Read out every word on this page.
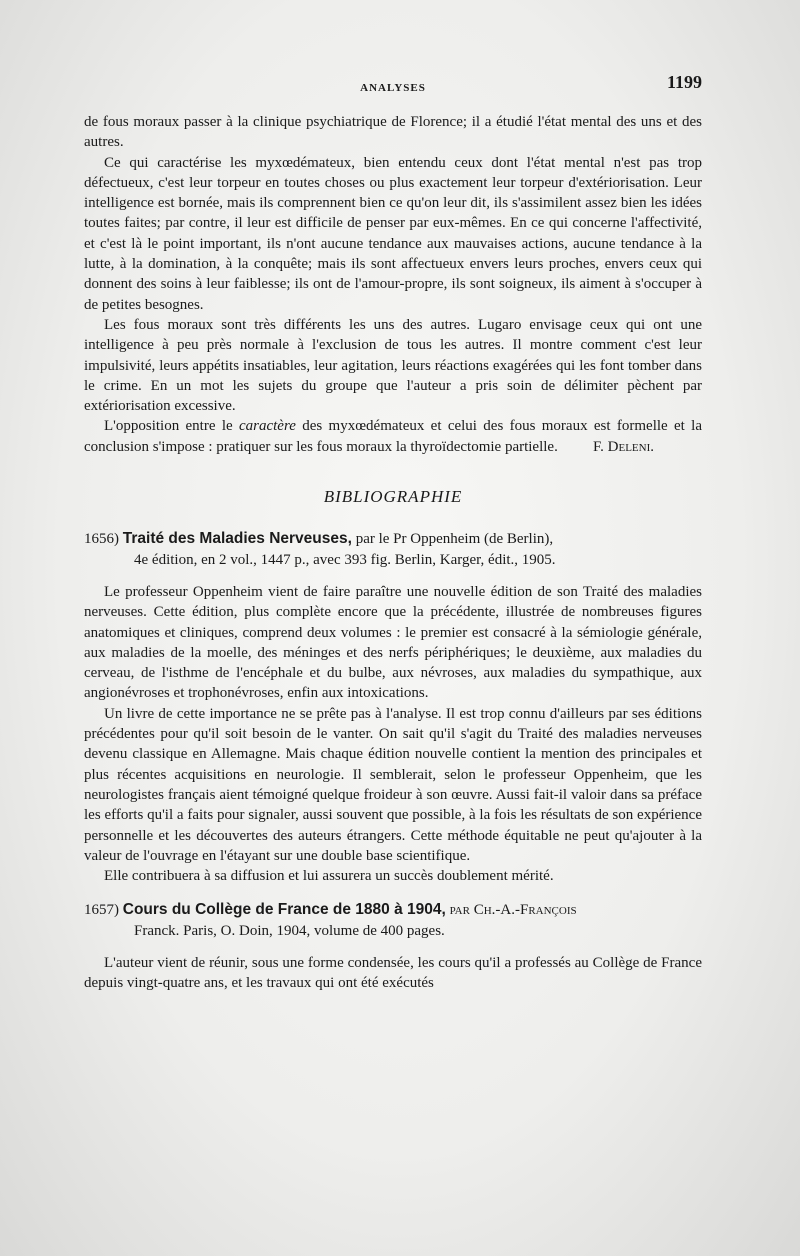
ANALYSES	1199

de fous moraux passer à la clinique psychiatrique de Florence; il a étudié l'état mental des uns et des autres.

Ce qui caractérise les myxœdémateux, bien entendu ceux dont l'état mental n'est pas trop défectueux, c'est leur torpeur en toutes choses ou plus exactement leur torpeur d'extériorisation. Leur intelligence est bornée, mais ils comprennent bien ce qu'on leur dit, ils s'assimilent assez bien les idées toutes faites; par contre, il leur est difficile de penser par eux-mêmes. En ce qui concerne l'affectivité, et c'est là le point important, ils n'ont aucune tendance aux mauvaises actions, aucune tendance à la lutte, à la domination, à la conquête; mais ils sont affectueux envers leurs proches, envers ceux qui donnent des soins à leur faiblesse; ils ont de l'amour-propre, ils sont soigneux, ils aiment à s'occuper à de petites besognes.

Les fous moraux sont très différents les uns des autres. Lugaro envisage ceux qui ont une intelligence à peu près normale à l'exclusion de tous les autres. Il montre comment c'est leur impulsivité, leurs appétits insatiables, leur agitation, leurs réactions exagérées qui les font tomber dans le crime. En un mot les sujets du groupe que l'auteur a pris soin de délimiter pèchent par extériorisation excessive.

L'opposition entre le caractère des myxœdémateux et celui des fous moraux est formelle et la conclusion s'impose : pratiquer sur les fous moraux la thyroïdectomie partielle.	F. Deleni.
BIBLIOGRAPHIE

1656) Traité des Maladies Nerveuses, par le Pr Oppenheim (de Berlin),

4e édition, en 2 vol., 1447 p., avec 393 fig. Berlin, Karger, édit., 1905.

Le professeur Oppenheim vient de faire paraître une nouvelle édition de son Traité des maladies nerveuses. Cette édition, plus complète encore que la précédente, illustrée de nombreuses figures anatomiques et cliniques, comprend deux volumes : le premier est consacré à la sémiologie générale, aux maladies de la moelle, des méninges et des nerfs périphériques; le deuxième, aux maladies du cerveau, de l'isthme de l'encéphale et du bulbe, aux névroses, aux maladies du sympathique, aux angionévroses et trophonévroses, enfin aux intoxications.

Un livre de cette importance ne se prête pas à l'analyse. Il est trop connu d'ailleurs par ses éditions précédentes pour qu'il soit besoin de le vanter. On sait qu'il s'agit du Traité des maladies nerveuses devenu classique en Allemagne. Mais chaque édition nouvelle contient la mention des principales et plus récentes acquisitions en neurologie. Il semblerait, selon le professeur Oppenheim, que les neurologistes français aient témoigné quelque froideur à son œuvre. Aussi fait-il valoir dans sa préface les efforts qu'il a faits pour signaler, aussi souvent que possible, à la fois les résultats de son expérience personnelle et les découvertes des auteurs étrangers. Cette méthode équitable ne peut qu'ajouter à la valeur de l'ouvrage en l'étayant sur une double base scientifique.

Elle contribuera à sa diffusion et lui assurera un succès doublement mérité.

1657) Cours du Collège de France de 1880 à 1904, par Ch.-A.-François

Franck. Paris, O. Doin, 1904, volume de 400 pages.

L'auteur vient de réunir, sous une forme condensée, les cours qu'il a professés au Collège de France depuis vingt-quatre ans, et les travaux qui ont été exécutés
